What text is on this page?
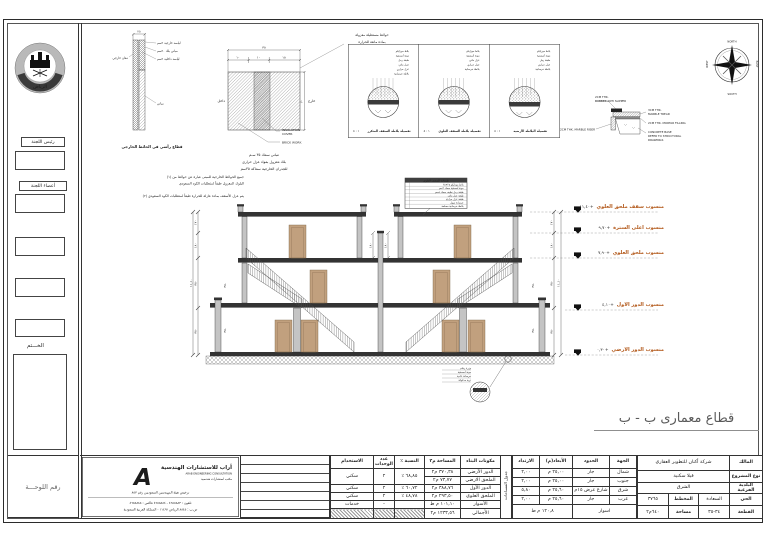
الرياض
رئيس اللجنة
أعضاء اللجنة
الخـــتم
رقم اللوحـــة
٢٥
لياسة خارجية ٢سم
مباني بلك ٢٠سم
لياسة داخلية ٢سم
مباني
دهان خارجي
قطاع رأسي في الحائط الخارجي
(١) جميع الحوائط الخارجية للمبنى عبارة عن حوائط من
البلوك المعزول طبقاً لمتطلبات الكود السعودي
(٢) يتم عزل الأسقف بمادة عازلة للحرارة طبقاً لمتطلبات الكود السعودي
٣٥
١٠	١٠	١٥
٢٠
داخل	خارج
INSULATION
COVER
BRICK WORK
مباني سمك ٣٥ سـم
بلك معزول بمواد عزل حراري
للجدران الخارجية سماكة ٣٥سم
حوائط مستطيلة معزولة
بمادة مانعة للحرارة
بلاط موزايكو
مونة أسمنتية
طبقة رمل
عزل مائي
عزل حراري
بلاطة خرسانية
تفصيلة بلاطة السقف المتكرر
١ : ٥
بلاط موزايكو
مونة أسمنتية
عزل مائي
عزل حراري
بلاطة خرسانية
تفصيلة بلاطة السقف العلوي
١ : ٥
بلاط موزايكو
مونة أسمنتية
طبقة رمل
عزل حراري
بلاطة خرسانية
تفصيلة البلاطة الأرضية
١ : ٥
2CM THK.
RUBBER ANTI SLIPPER
3CM THK.
MARBLE TREAD
2CM THK. MORTAR FILLING
CONCRETE BASE
REFER TO STRUCTURAL
DRAWINGS
2CM THK. MARBLE RISER
NORTH
SOUTH
EAST
WEST
١٧٠
١٨٠
٣٨٠
٣٨٠
١١,١٠
١٧٠
١٨٠
٣٨٠
٣٨٠
١١,١٠
١٨٠	١٨٠
٣٥٠	٣٥٠
٣٥٠	٣٥٠
طبقات السقف العلوي
بلاط موزايكو ٢٥×٢٥
مونة أسمنتية سمك ٢سم
طبقة رمل نظيف سمك ٥سم
طبقة عزل مائي
طبقة عزل حراري
خرسانة ميول
بلاطة خرسانية مسلحة
وزرة رخام
مونة أسمنتية
خرسانة عادية
تربة مدكوكة
منسوب سقف ملحق العلوي
+١١,٤٠
منسوب اعلى السترة
+٩,٧٠
منسوب ملحق العلوي
+٧,٩٠
منسوب الدور الاول
+٤,١٠
منسوب الدور الارضي
+٠,٣٠
قطاع معمارى ب - ب
A أراب للاستشارات الهندسية
ARAB ENGINEERING CONSULTATION
مكتب استشارات هندسية
ترخيص هيئة المهندسين السعوديين رقم ٨٥٣
تلفون : ٤٦٥٥٨٨٣ - ٤٦٥٥٨٨٤ فاكس : ٤٦٥٥٨٨٥
ص.ب : ٨٨٤٥ الرياض ١١٤٩٢ - المملكة العربية السعودية
جدول المساحات	مكونات البناء	المساحة م٢	النسبة ٪	عدد الوحدات	الاستخدام
	الدور الأرضي	٣٧٠,٣٨ م٢	٦٨,٨٥ ٪	٢	سكني
	الملحق الارضي	٧٣,٧٧ م٢			
	الدور الأول	٣٨٨,٧٦ م٢	٦٠,٧٢ ٪	٢	سكني
	الملحق العلوي	٢٩٣,٥٠ م٢	٤٨,٧٨ ٪	٢	سكني
	الأسوار	١٠١,١٠ م ط		-	خدمات
	الأجمالي	١٢٣٣,٥٦ م٢			
الجهة	الحدود	الأبعاد(م)	الارتداد
شمال	جار	٢٥,٠٠ م	٢,٠٠
جنوب	جار	٢٥,٠٠ م	٢,٠٠
شرق	شارع عرض ١٥م	٢٥,٦٠ م	٥,٨٠
غرب	جار	٢٥,٦٠ م	٢,٠٠
اسوار		١٢٠,٨ م ط	
المالك	شركة أكنان للتطوير العقاري		
نوع المشروع	فيلا سكنية		
البلدية الفرعية	الشرق		
الحي	السعادة	المخطط	٣٧٦٥
القطعة	٣٤-٣٥	مساحة	٦٤٠م٢
